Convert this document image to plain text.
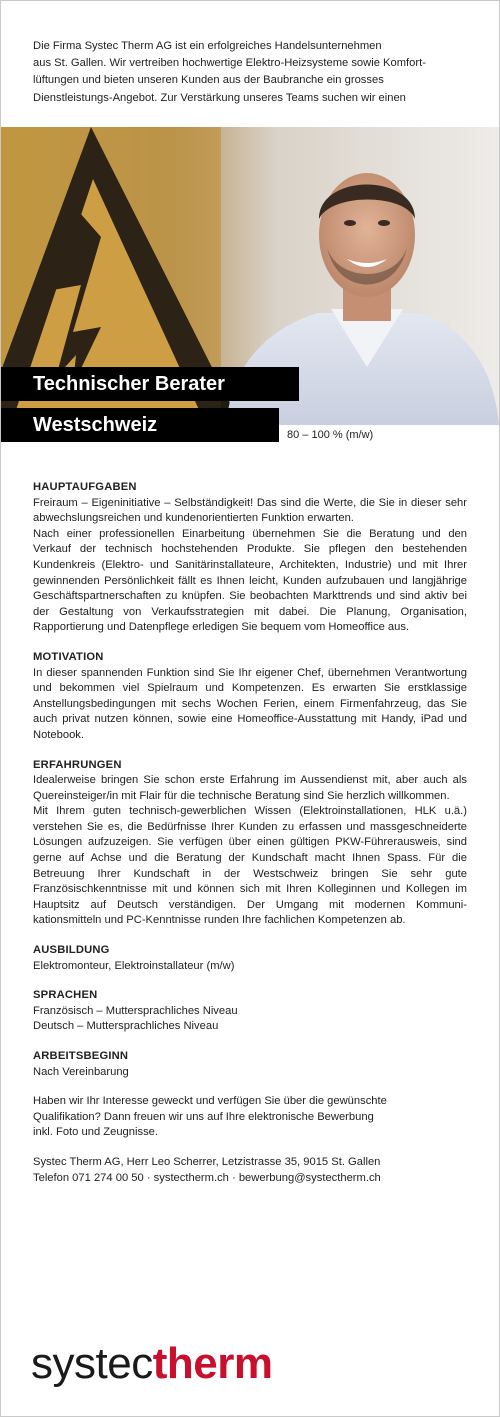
Die Firma Systec Therm AG ist ein erfolgreiches Handelsunternehmen

aus St. Gallen. Wir vertreiben hochwertige Elektro-Heizsysteme sowie Komfort-

lüftungen und bieten unseren Kunden aus der Baubranche ein grosses

Dienstleistungs-Angebot. Zur Verstärkung unseres Teams suchen wir einen

Technischer Berater
Westschweiz	80 – 100 % (m/w)
HAUPTAUFGABEN

Freiraum – Eigeninitiative – Selbständigkeit! Das sind die Werte, die Sie in dieser sehr abwechslungsreichen und kundenorientierten Funktion erwarten.

Nach einer professionellen Einarbeitung übernehmen Sie die Beratung und den Verkauf der technisch hochstehenden Produkte. Sie pflegen den bestehenden Kundenkreis (Elektro- und Sanitärinstallateure, Architekten, Industrie) und mit Ihrer gewinnenden Persönlichkeit fällt es Ihnen leicht, Kunden aufzubauen und langjährige Geschäftspartnerschaften zu knüpfen. Sie beobachten Markttrends und sind aktiv bei der Gestaltung von Verkaufsstrategien mit dabei. Die Planung, Organisation, Rapportierung und Datenpflege erledigen Sie bequem vom Homeoffice aus.

MOTIVATION

In dieser spannenden Funktion sind Sie Ihr eigener Chef, übernehmen Verantwortung und bekommen viel Spielraum und Kompetenzen. Es erwarten Sie erstklassige Anstellungsbedingungen mit sechs Wochen Ferien, einem Firmenfahrzeug, das Sie auch privat nutzen können, sowie eine Homeoffice-Ausstattung mit Handy, iPad und Notebook.

ERFAHRUNGEN

Idealerweise bringen Sie schon erste Erfahrung im Aussendienst mit, aber auch als Quereinsteiger/in mit Flair für die technische Beratung sind Sie herzlich willkommen.

Mit Ihrem guten technisch-gewerblichen Wissen (Elektroinstallationen, HLK u.ä.) verstehen Sie es, die Bedürfnisse Ihrer Kunden zu erfassen und massgeschneiderte Lösungen aufzuzeigen. Sie verfügen über einen gültigen PKW-Führerausweis, sind gerne auf Achse und die Beratung der Kundschaft macht Ihnen Spass. Für die Betreuung Ihrer Kundschaft in der Westschweiz bringen Sie sehr gute Französischkenntnisse mit und können sich mit Ihren Kolleginnen und Kollegen im Hauptsitz auf Deutsch verständigen. Der Umgang mit modernen Kommunikationsmitteln und PC-Kenntnisse runden Ihre fachlichen Kompetenzen ab.

AUSBILDUNG

Elektromonteur, Elektroinstallateur (m/w)

SPRACHEN

Französisch – Muttersprachliches Niveau

Deutsch – Muttersprachliches Niveau

ARBEITSBEGINN

Nach Vereinbarung

Haben wir Ihr Interesse geweckt und verfügen Sie über die gewünschte

Qualifikation? Dann freuen wir uns auf Ihre elektronische Bewerbung

inkl. Foto und Zeugnisse.

Systec Therm AG, Herr Leo Scherrer, Letzistrasse 35, 9015 St. Gallen

Telefon 071 274 00 50 · systectherm.ch · bewerbung@systectherm.ch

systectherm
